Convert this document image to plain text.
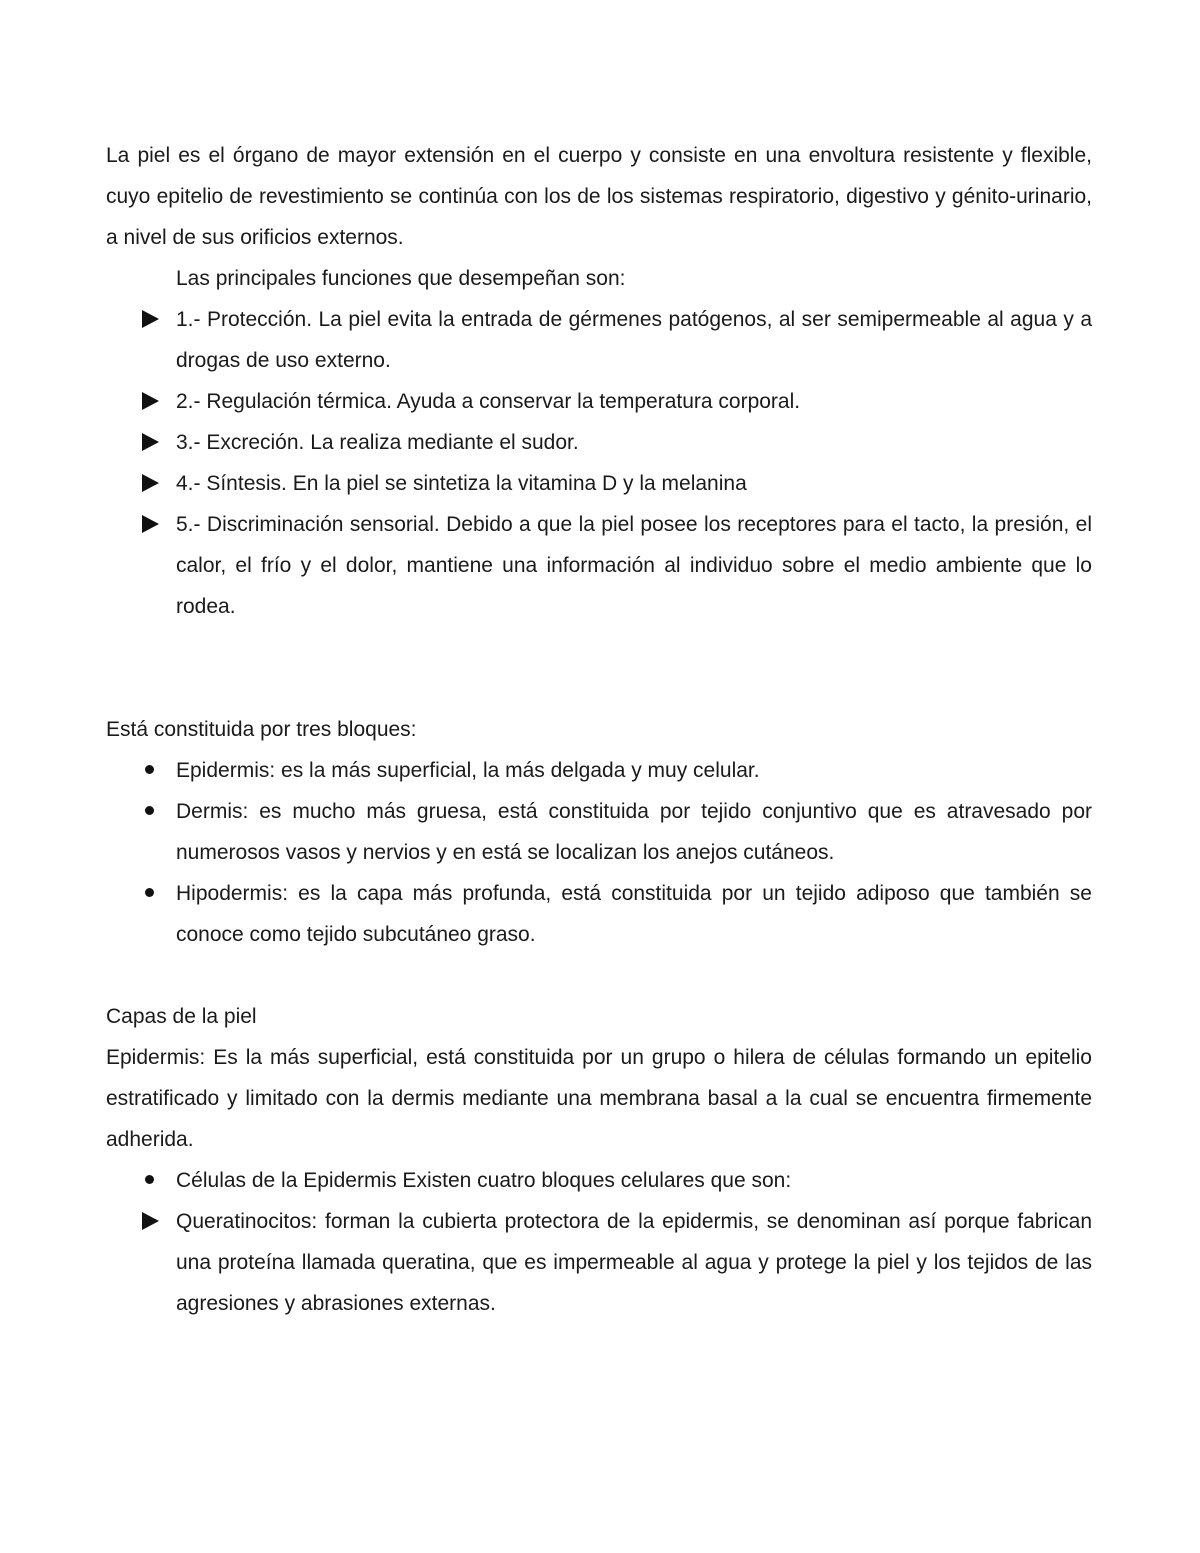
La piel es el órgano de mayor extensión en el cuerpo y consiste en una envoltura resistente y flexible, cuyo epitelio de revestimiento se continúa con los de los sistemas respiratorio, digestivo y génito-urinario, a nivel de sus orificios externos.

Las principales funciones que desempeñan son:

1.- Protección. La piel evita la entrada de gérmenes patógenos, al ser semipermeable al agua y a drogas de uso externo.
2.- Regulación térmica. Ayuda a conservar la temperatura corporal.
3.- Excreción. La realiza mediante el sudor.
4.- Síntesis. En la piel se sintetiza la vitamina D y la melanina
5.- Discriminación sensorial. Debido a que la piel posee los receptores para el tacto, la presión, el calor, el frío y el dolor, mantiene una información al individuo sobre el medio ambiente que lo rodea.

Está constituida por tres bloques:

Epidermis: es la más superficial, la más delgada y muy celular.
Dermis: es mucho más gruesa, está constituida por tejido conjuntivo que es atravesado por numerosos vasos y nervios y en está se localizan los anejos cutáneos.
Hipodermis: es la capa más profunda, está constituida por un tejido adiposo que también se conoce como tejido subcutáneo graso.

Capas de la piel

Epidermis: Es la más superficial, está constituida por un grupo o hilera de células formando un epitelio estratificado y limitado con la dermis mediante una membrana basal a la cual se encuentra firmemente adherida.

Células de la Epidermis Existen cuatro bloques celulares que son:
Queratinocitos: forman la cubierta protectora de la epidermis, se denominan así porque fabrican una proteína llamada queratina, que es impermeable al agua y protege la piel y los tejidos de las agresiones y abrasiones externas.
